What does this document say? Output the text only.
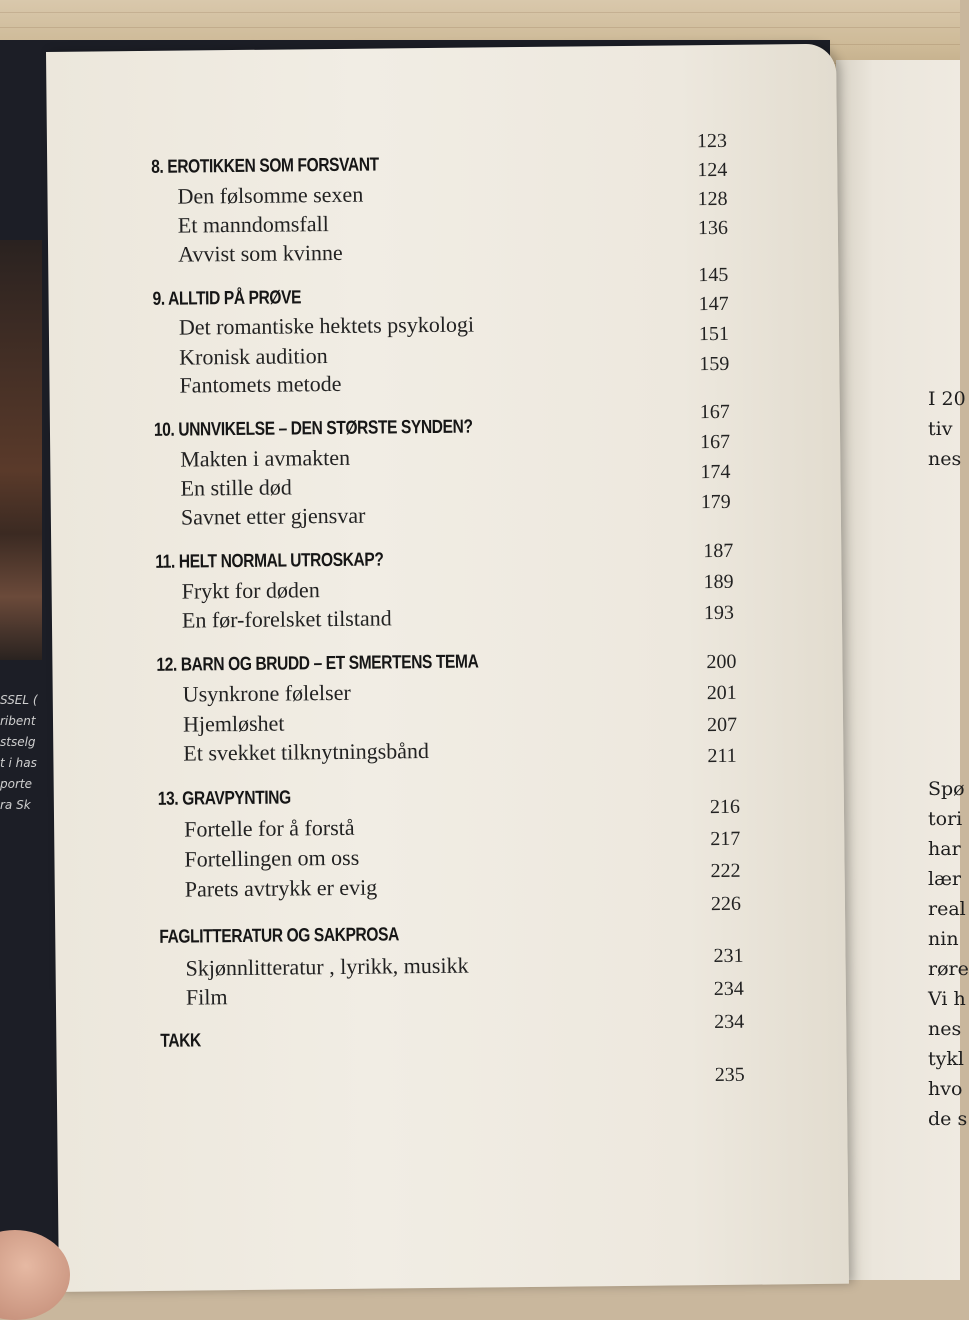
SSEL (
ribent
stselg
t i has
porte
ra Sk
I 20
tiv
nes
Spø
tori
har
lær
real
nin
røre
Vi h
nes
tykl
hvo
de s
8. EROTIKKEN SOM FORSVANT
Den følsomme sexen
Et manndomsfall
Avvist som kvinne
9. ALLTID PÅ PRØVE
Det romantiske hektets psykologi
Kronisk audition
Fantomets metode
10. UNNVIKELSE – DEN STØRSTE SYNDEN?
Makten i avmakten
En stille død
Savnet etter gjensvar
11. HELT NORMAL UTROSKAP?
Frykt for døden
En før-forelsket tilstand
12. BARN OG BRUDD – ET SMERTENS TEMA
Usynkrone følelser
Hjemløshet
Et svekket tilknytningsbånd
13. GRAVPYNTING
Fortelle for å forstå
Fortellingen om oss
Parets avtrykk er evig
FAGLITTERATUR OG SAKPROSA
Skjønnlitteratur , lyrikk, musikk
Film
TAKK
123
124
128
136
145
147
151
159
167
167
174
179
187
189
193
200
201
207
211
216
217
222
226
231
234
234
235
